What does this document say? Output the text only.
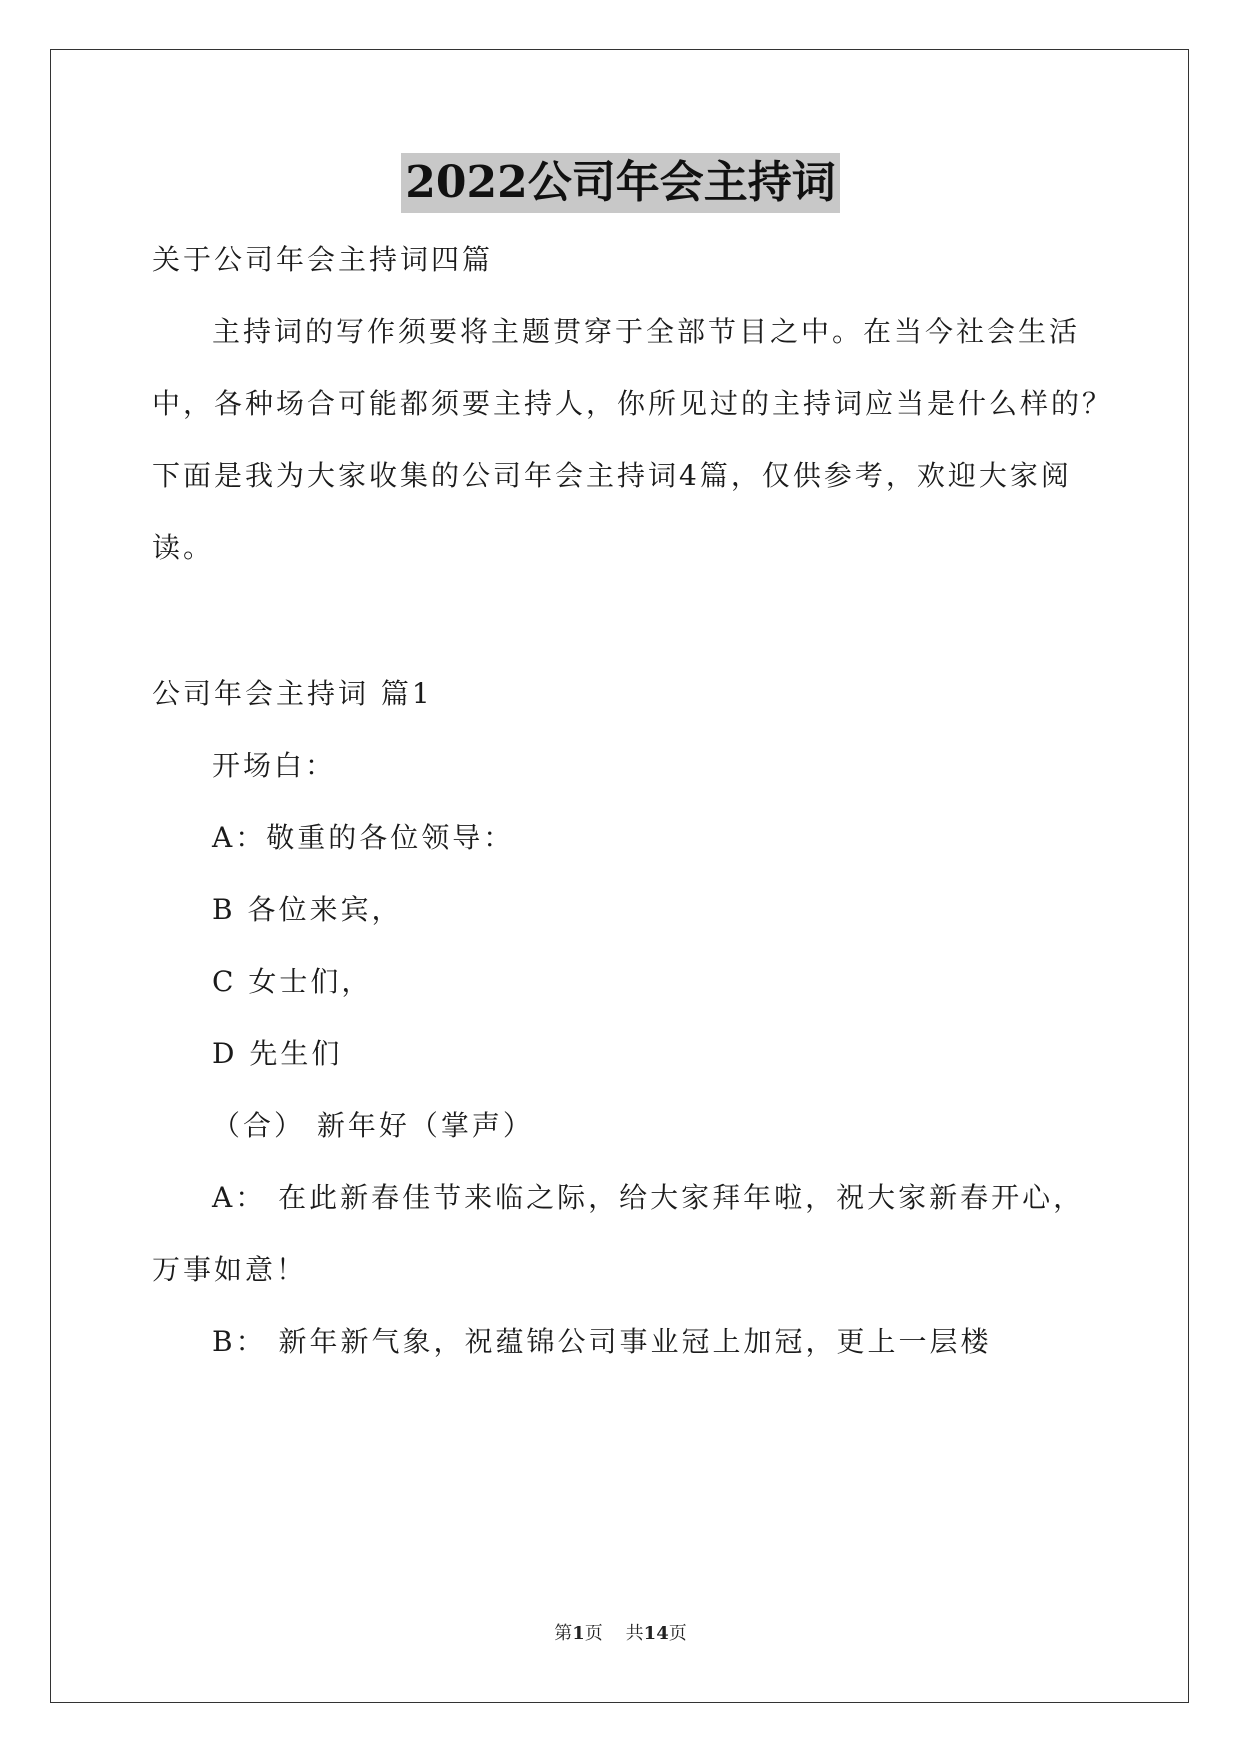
2022公司年会主持词
关于公司年会主持词四篇
主持词的写作须要将主题贯穿于全部节目之中。在当今社会生活
中，各种场合可能都须要主持人，你所见过的主持词应当是什么样的？
下面是我为大家收集的公司年会主持词4篇，仅供参考，欢迎大家阅
读。
公司年会主持词 篇1
开场白：
A：敬重的各位领导：
B 各位来宾，
C 女士们，
D 先生们
（合） 新年好（掌声）
A： 在此新春佳节来临之际，给大家拜年啦，祝大家新春开心，
万事如意！
B： 新年新气象，祝蕴锦公司事业冠上加冠，更上一层楼
第1页 共14页
